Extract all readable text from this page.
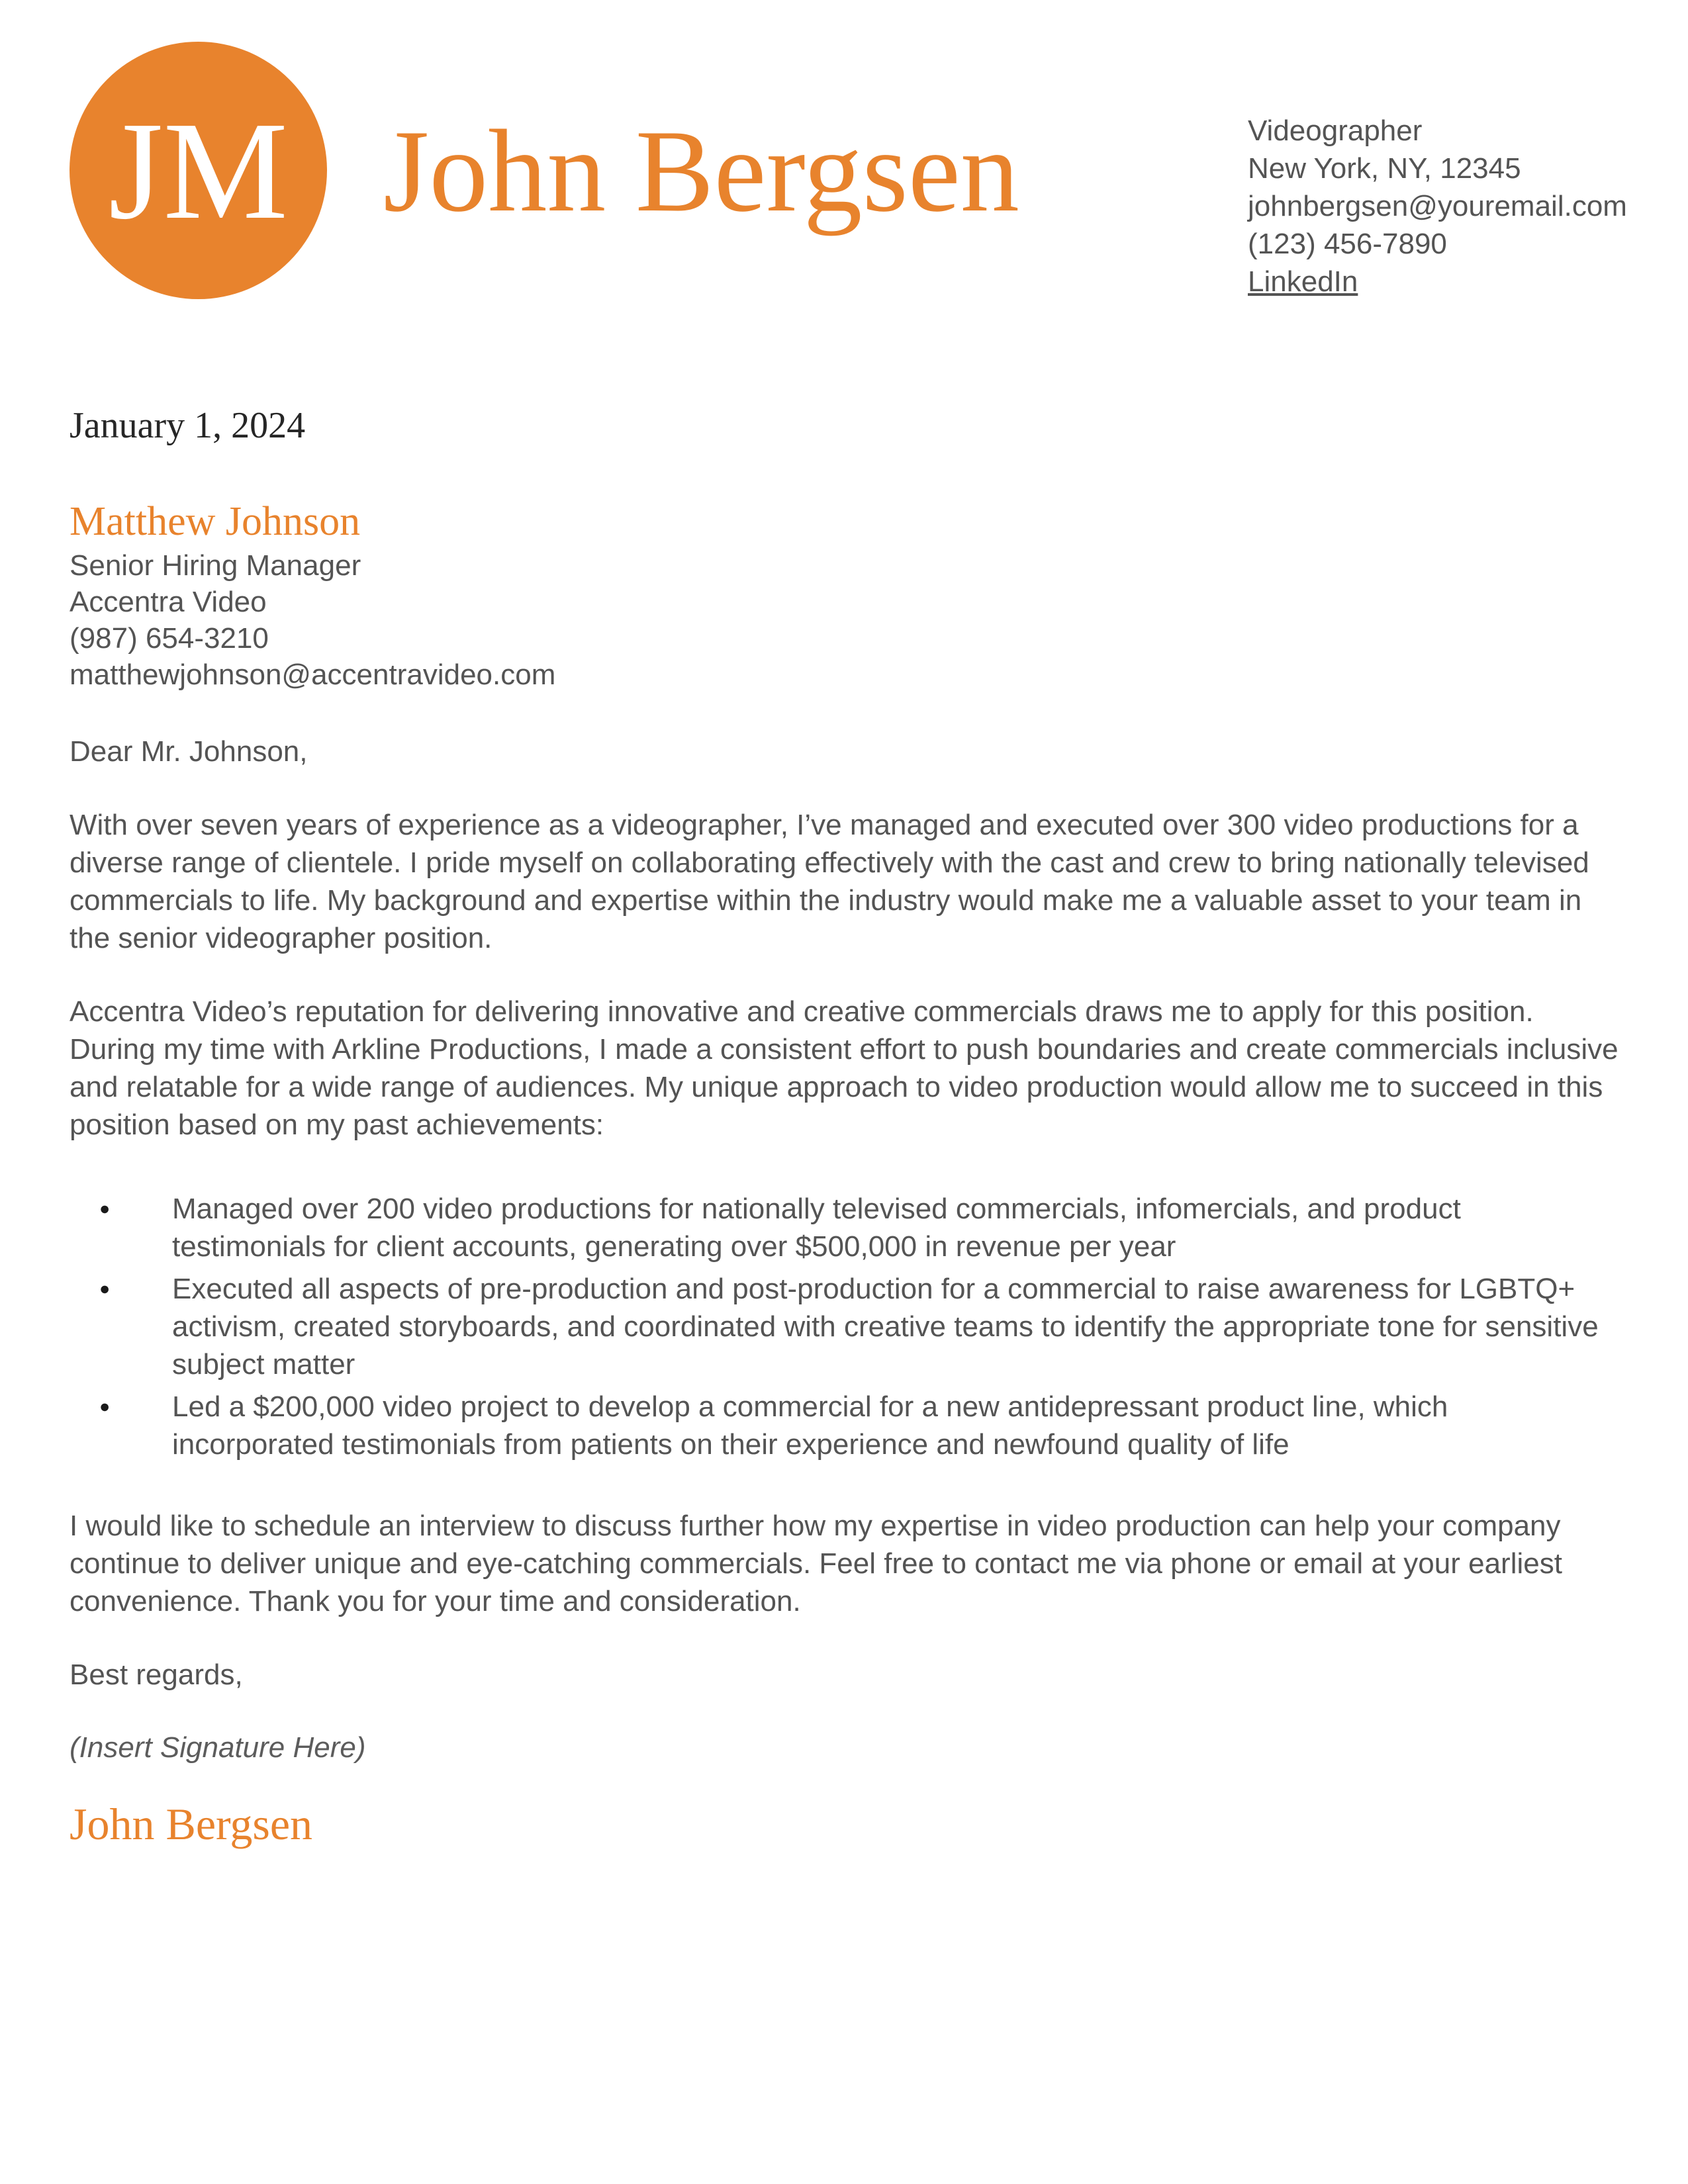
JM John Bergsen	Videographer
New York, NY, 12345
johnbergsen@youremail.com
(123) 456-7890
LinkedIn
January 1, 2024
Matthew Johnson
Senior Hiring Manager
Accentra Video
(987) 654-3210
matthewjohnson@accentravideo.com

Dear Mr. Johnson,

With over seven years of experience as a videographer, I’ve managed and executed over 300 video productions for a diverse range of clientele. I pride myself on collaborating effectively with the cast and crew to bring nationally televised commercials to life. My background and expertise within the industry would make me a valuable asset to your team in the senior videographer position.

Accentra Video’s reputation for delivering innovative and creative commercials draws me to apply for this position. During my time with Arkline Productions, I made a consistent effort to push boundaries and create commercials inclusive and relatable for a wide range of audiences. My unique approach to video production would allow me to succeed in this position based on my past achievements:

●	Managed over 200 video productions for nationally televised commercials, infomercials, and product testimonials for client accounts, generating over $500,000 in revenue per year
●	Executed all aspects of pre-production and post-production for a commercial to raise awareness for LGBTQ+ activism, created storyboards, and coordinated with creative teams to identify the appropriate tone for sensitive subject matter
●	Led a $200,000 video project to develop a commercial for a new antidepressant product line, which incorporated testimonials from patients on their experience and newfound quality of life

I would like to schedule an interview to discuss further how my expertise in video production can help your company continue to deliver unique and eye-catching commercials. Feel free to contact me via phone or email at your earliest convenience. Thank you for your time and consideration.

Best regards,

(Insert Signature Here)

John Bergsen
